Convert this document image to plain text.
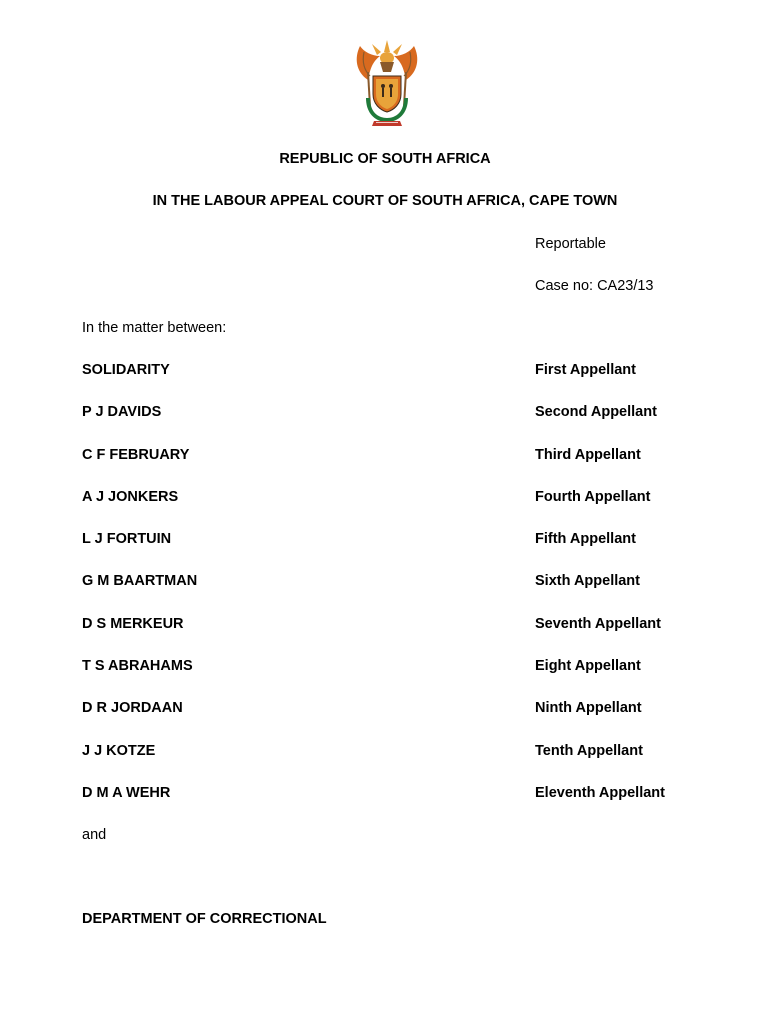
REPUBLIC OF SOUTH AFRICA
IN THE LABOUR APPEAL COURT OF SOUTH AFRICA, CAPE TOWN
Reportable
Case no: CA23/13
In the matter between:
SOLIDARITY	First Appellant
P J DAVIDS	Second Appellant
C F FEBRUARY	Third Appellant
A J JONKERS	Fourth Appellant
L J FORTUIN	Fifth Appellant
G M BAARTMAN	Sixth Appellant
D S MERKEUR	Seventh Appellant
T S ABRAHAMS	Eight Appellant
D R JORDAAN	Ninth Appellant
J J KOTZE	Tenth Appellant
D M A WEHR	Eleventh Appellant
and
DEPARTMENT OF CORRECTIONAL
